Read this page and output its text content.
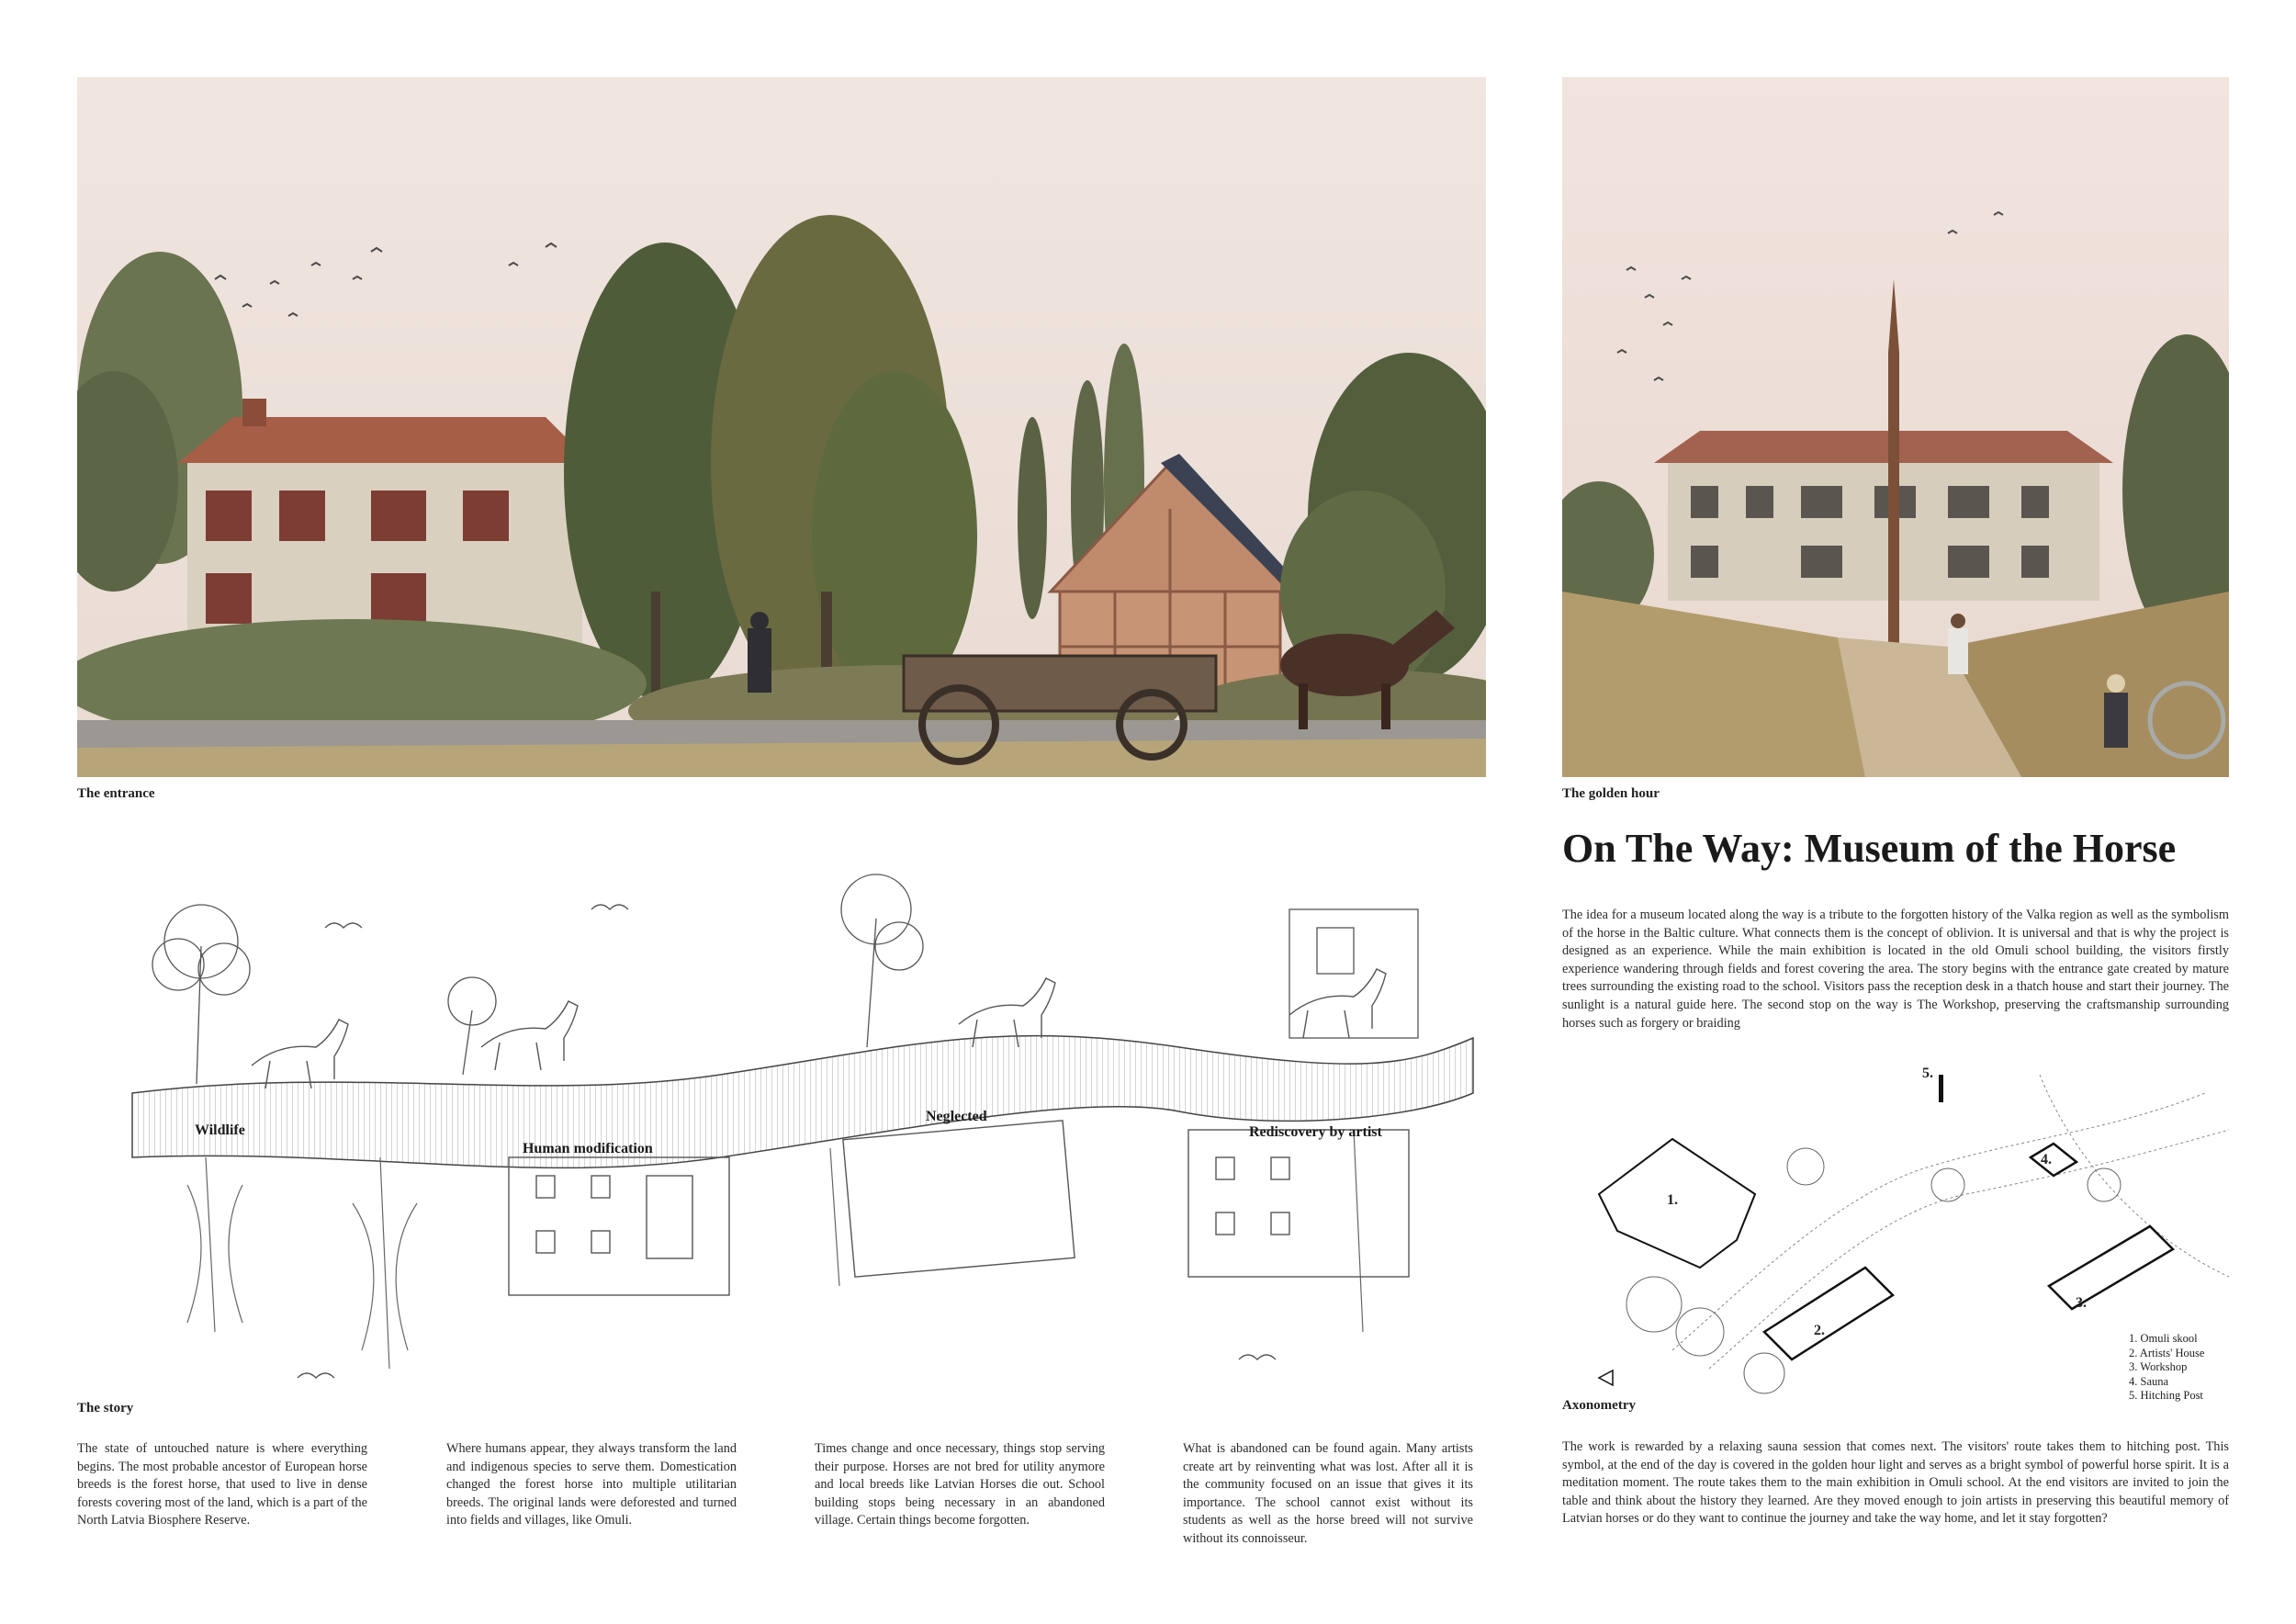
The entrance	The golden hour
On The Way: Museum of the Horse
The idea for a museum located along the way is a tribute to the forgotten history of the Valka region as well as the symbolism of the horse in the Baltic culture. What connects them is the concept of oblivion. It is universal and that is why the project is designed as an experience. While the main exhibition is located in the old Omuli school building, the visitors firstly experience wandering through fields and forest covering the area. The story begins with the entrance gate created by mature trees surrounding the existing road to the school. Visitors pass the reception desk in a thatch house and start their journey. The sunlight is a natural guide here. The second stop on the way is The Workshop, preserving the craftsmanship surrounding horses such as forgery or braiding
Wildlife
Human modification
Neglected
Rediscovery by artist
The story
The state of untouched nature is where everything begins. The most probable ancestor of European horse breeds is the forest horse, that used to live in dense forests covering most of the land, which is a part of the North Latvia Biosphere Reserve.
Where humans appear, they always transform the land and indigenous species to serve them. Domestication changed the forest horse into multiple utilitarian breeds. The original lands were deforested and turned into fields and villages, like Omuli.
Times change and once necessary, things stop serving their purpose. Horses are not bred for utility anymore and local breeds like Latvian Horses die out. School building stops being necessary in an abandoned village. Certain things become forgotten.
What is abandoned can be found again. Many artists create art by reinventing what was lost. After all it is the community focused on an issue that gives it its importance. The school cannot exist without its students as well as the horse breed will not survive without its connoisseur.
1.
2.
3.
4.
5.
1. Omuli skool
2. Artists' House
3. Workshop
4. Sauna
5. Hitching Post
Axonometry
The work is rewarded by a relaxing sauna session that comes next. The visitors' route takes them to hitching post. This symbol, at the end of the day is covered in the golden hour light and serves as a bright symbol of powerful horse spirit. It is a meditation moment. The route takes them to the main exhibition in Omuli school. At the end visitors are invited to join the table and think about the history they learned. Are they moved enough to join artists in preserving this beautiful memory of Latvian horses or do they want to continue the journey and take the way home, and let it stay forgotten?
